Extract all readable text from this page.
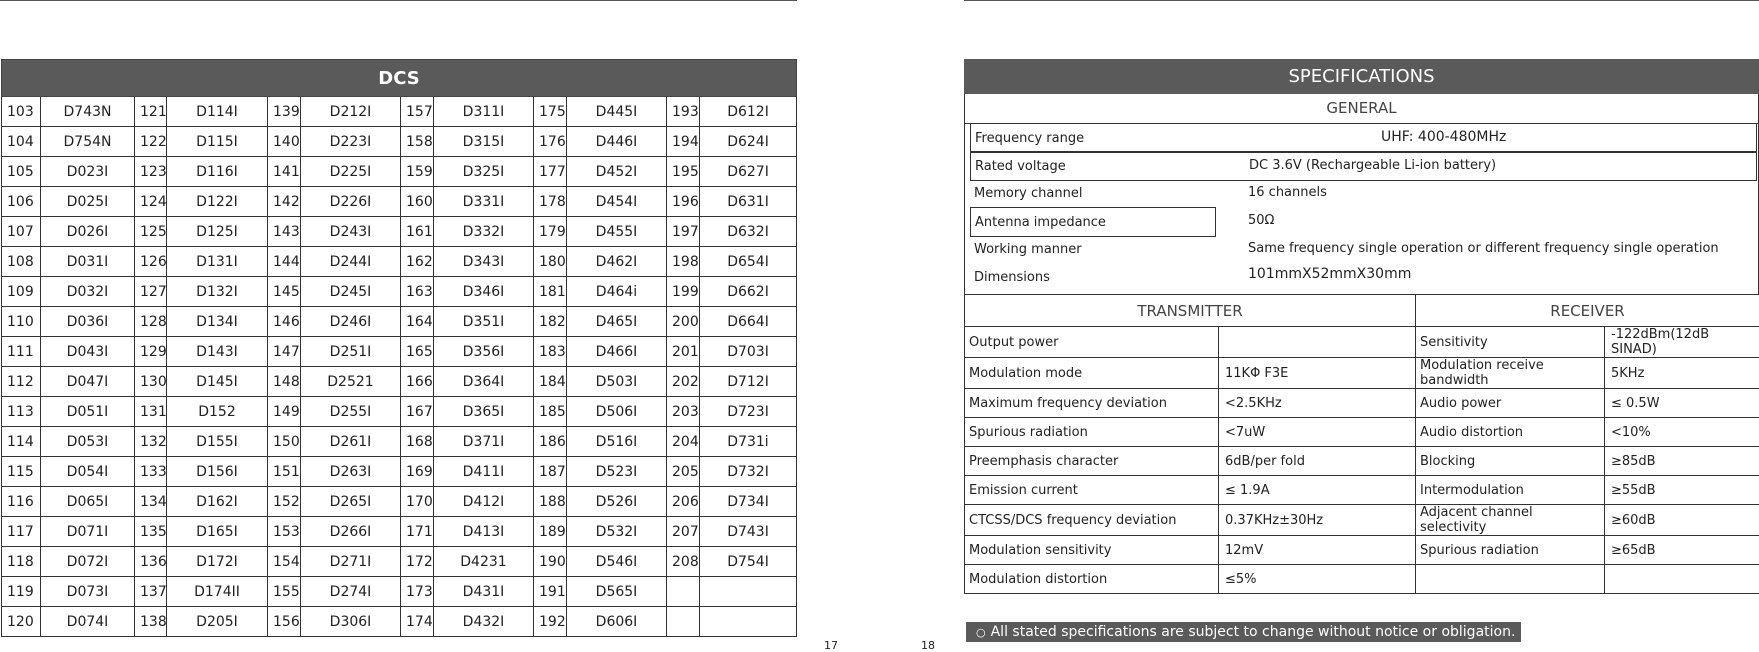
DCS											
103	D743N	121	D114I	139	D212I	157	D311I	175	D445I	193	D612I
104	D754N	122	D115I	140	D223I	158	D315I	176	D446I	194	D624I
105	D023I	123	D116I	141	D225I	159	D325I	177	D452I	195	D627I
106	D025I	124	D122I	142	D226I	160	D331I	178	D454I	196	D631I
107	D026I	125	D125I	143	D243I	161	D332I	179	D455I	197	D632I
108	D031I	126	D131I	144	D244I	162	D343I	180	D462I	198	D654I
109	D032I	127	D132I	145	D245I	163	D346I	181	D464i	199	D662I
110	D036I	128	D134I	146	D246I	164	D351I	182	D465I	200	D664I
111	D043I	129	D143I	147	D251I	165	D356I	183	D466I	201	D703I
112	D047I	130	D145I	148	D2521	166	D364I	184	D503I	202	D712I
113	D051I	131	D152	149	D255I	167	D365I	185	D506I	203	D723I
114	D053I	132	D155I	150	D261I	168	D371I	186	D516I	204	D731i
115	D054I	133	D156I	151	D263I	169	D411I	187	D523I	205	D732I
116	D065I	134	D162I	152	D265I	170	D412I	188	D526I	206	D734I
117	D071I	135	D165I	153	D266I	171	D413I	189	D532I	207	D743I
118	D072I	136	D172I	154	D271I	172	D4231	190	D546I	208	D754I
119	D073I	137	D174II	155	D274I	173	D431I	191	D565I		
120	D074I	138	D205I	156	D306I	174	D432I	192	D606I		
SPECIFICATIONS
GENERAL
Frequency range	UHF: 400-480MHz
Rated voltage	DC 3.6V (Rechargeable Li-ion battery)
Memory channel	16 channels
Antenna impedance	50Ω
Working manner	Same frequency single operation or different frequency single operation
Dimensions	101mmX52mmX30mm
TRANSMITTER		RECEIVER	
Output power		Sensitivity	-122dBm(12dB SINAD)
Modulation mode	11KΦ F3E	Modulation receive bandwidth	5KHz
Maximum frequency deviation	<2.5KHz	Audio power	≤ 0.5W
Spurious radiation	<7uW	Audio distortion	<10%
Preemphasis character	6dB/per fold	Blocking	≥85dB
Emission current	≤ 1.9A	Intermodulation	≥55dB
CTCSS/DCS frequency deviation	0.37KHz±30Hz	Adjacent channel selectivity	≥60dB
Modulation sensitivity	12mV	Spurious radiation	≥65dB
Modulation distortion	≤5%		
○ All stated specifications are subject to change without notice or obligation.
17	18
